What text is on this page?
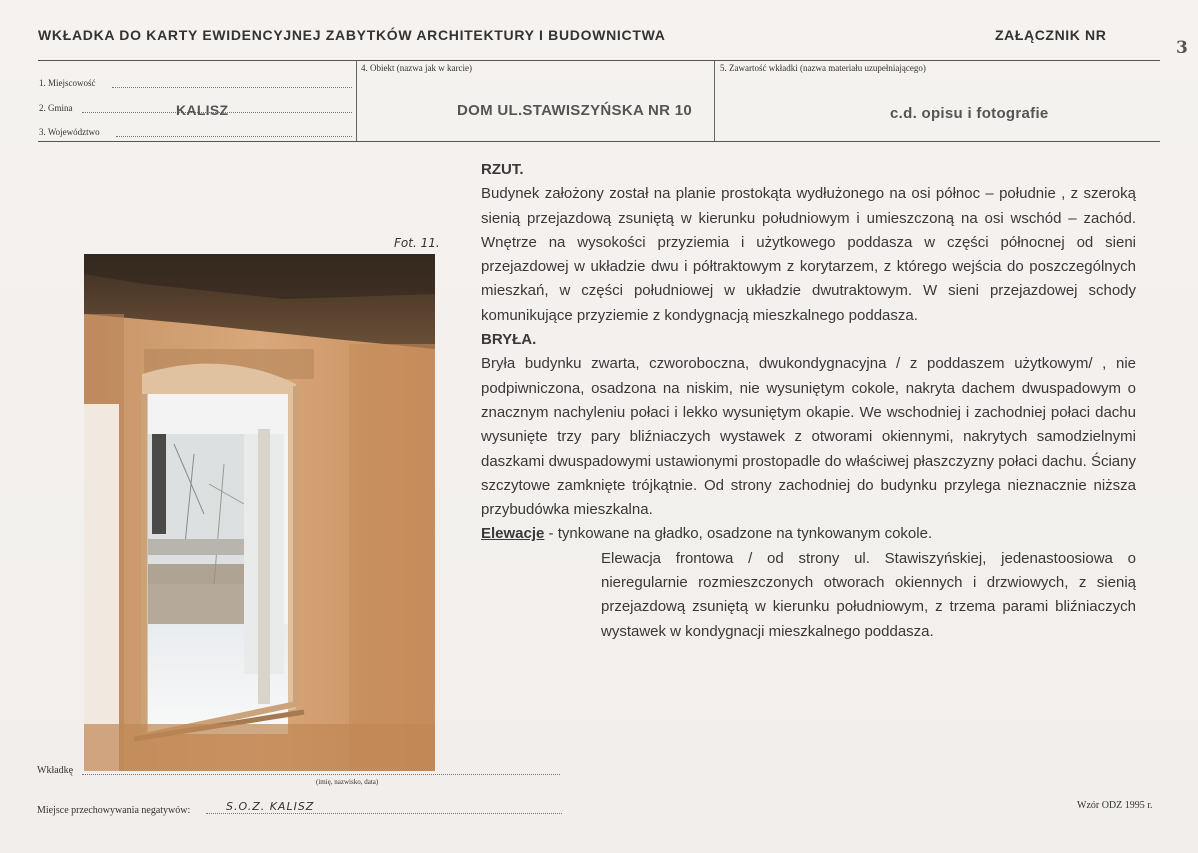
WKŁADKA DO KARTY EWIDENCYJNEJ ZABYTKÓW ARCHITEKTURY I BUDOWNICTWA	ZAŁĄCZNIK NR
3
1. Miejscowość
2. Gmina	KALISZ
3. Województwo
4. Obiekt (nazwa jak w karcie)
DOM UL.STAWISZYŃSKA NR 10
5. Zawartość wkładki (nazwa materiału uzupełniającego)
c.d. opisu i fotografie
Fot. 11.

RZUT.

Budynek założony został na planie prostokąta wydłużonego na osi północ – południe , z szeroką sienią przejazdową zsuniętą w kierunku południowym i umieszczoną na osi wschód – zachód. Wnętrze na wysokości przyziemia i użytkowego poddasza w części północnej od sieni przejazdowej w układzie dwu i półtraktowym z korytarzem, z którego wejścia do poszczególnych mieszkań, w części południowej w układzie dwutraktowym. W sieni przejazdowej schody komunikujące przyziemie z kondygnacją mieszkalnego poddasza.

BRYŁA.

Bryła budynku zwarta, czworoboczna, dwukondygnacyjna / z poddaszem użytkowym/ , nie podpiwniczona, osadzona na niskim, nie wysuniętym cokole, nakryta dachem dwuspadowym o znacznym nachyleniu połaci i lekko wysuniętym okapie. We wschodniej i zachodniej połaci dachu wysunięte trzy pary bliźniaczych wystawek z otworami okiennymi, nakrytych samodzielnymi daszkami dwuspadowymi ustawionymi prostopadle do właściwej płaszczyzny połaci dachu. Ściany szczytowe zamknięte trójkątnie. Od strony zachodniej do budynku przylega nieznacznie niższa przybudówka mieszkalna.

Elewacje - tynkowane na gładko, osadzone na tynkowanym cokole.

Elewacja frontowa / od strony ul. Stawiszyńskiej, jedenastoosiowa o nieregularnie rozmieszczonych otworach okiennych i drzwiowych, z sienią przejazdową zsuniętą w kierunku południowym, z trzema parami bliźniaczych wystawek w kondygnacji mieszkalnego poddasza.

Wkładkę
(imię, nazwisko, data)
Miejsce przechowywania negatywów:	S.O.Z. KALISZ	Wzór ODZ 1995 r.
